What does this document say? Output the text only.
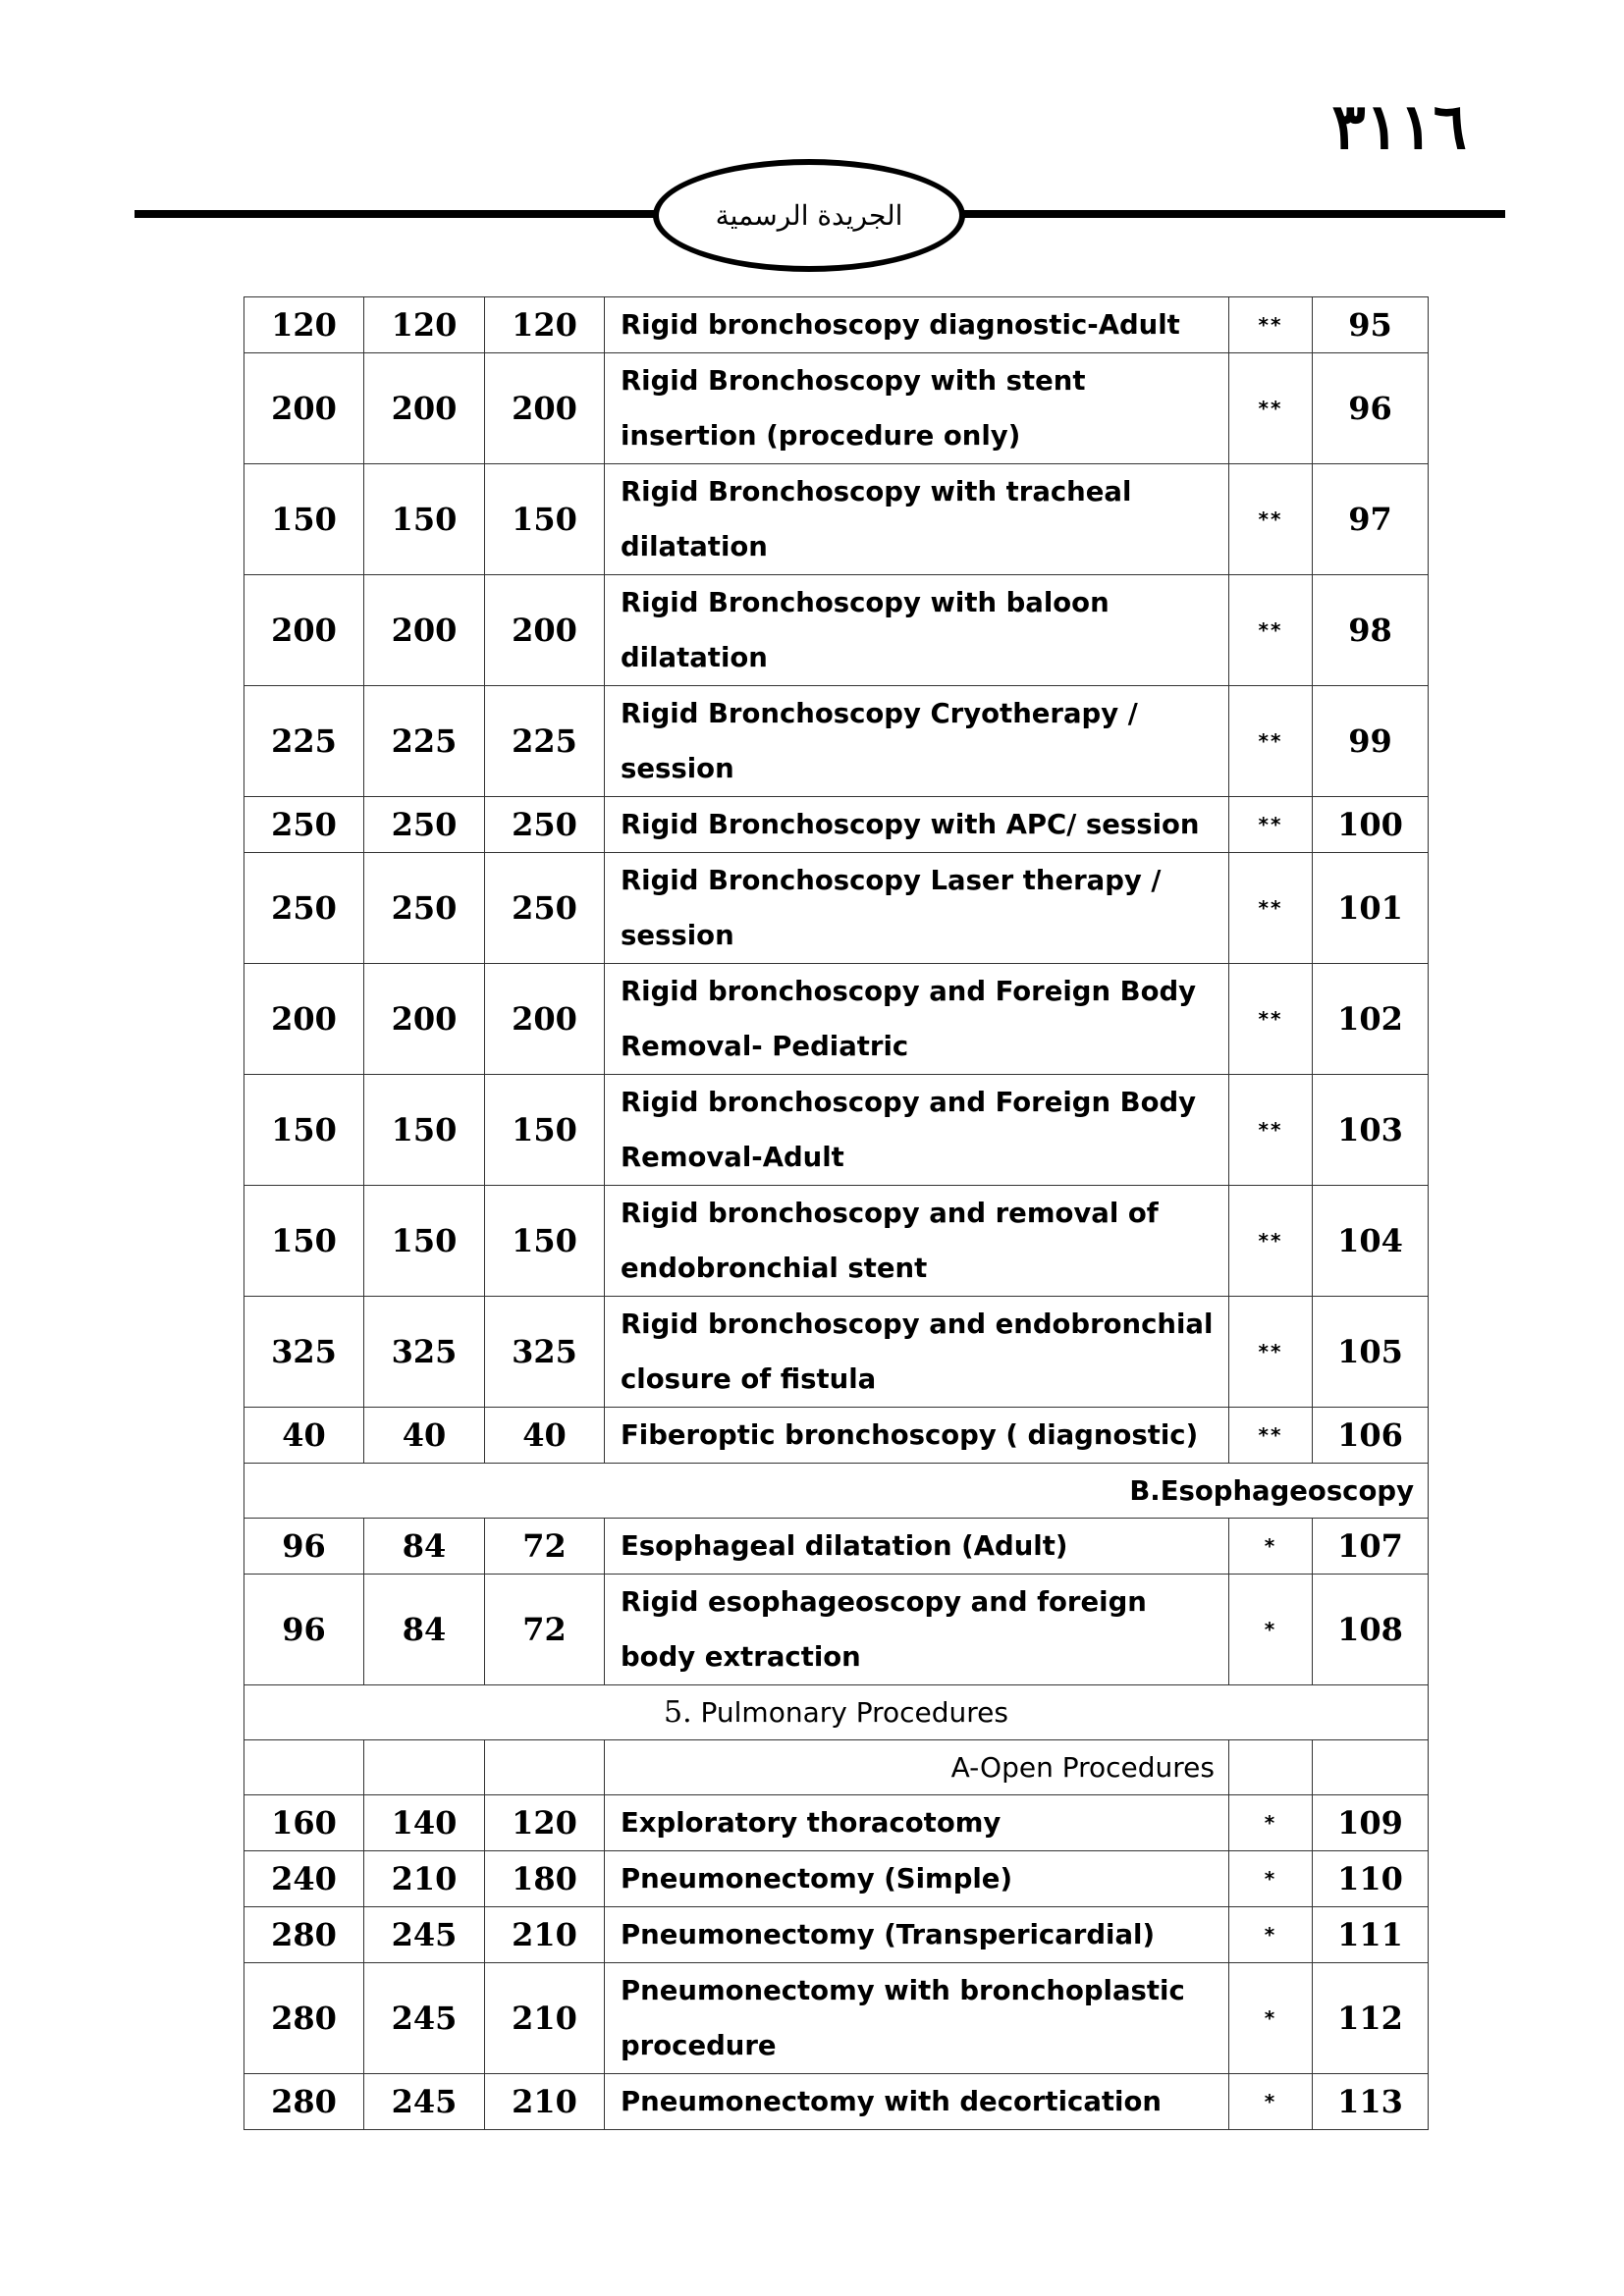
٣١١٦
الجريدة الرسمية
120	120	120	Rigid bronchoscopy diagnostic-Adult	**	95
200	200	200	Rigid Bronchoscopy with stent insertion (procedure only)	**	96
150	150	150	Rigid Bronchoscopy with tracheal dilatation	**	97
200	200	200	Rigid Bronchoscopy with baloon dilatation	**	98
225	225	225	Rigid Bronchoscopy Cryotherapy / session	**	99
250	250	250	Rigid Bronchoscopy with APC/ session	**	100
250	250	250	Rigid Bronchoscopy Laser therapy / session	**	101
200	200	200	Rigid bronchoscopy and Foreign Body Removal- Pediatric	**	102
150	150	150	Rigid bronchoscopy and Foreign Body Removal-Adult	**	103
150	150	150	Rigid bronchoscopy and removal of endobronchial stent	**	104
325	325	325	Rigid bronchoscopy and endobronchial closure of fistula	**	105
40	40	40	Fiberoptic bronchoscopy ( diagnostic)	**	106
B.Esophageoscopy					
96	84	72	Esophageal dilatation (Adult)	*	107
96	84	72	Rigid esophageoscopy and foreign body extraction	*	108
5. Pulmonary Procedures					
			A-Open Procedures		
160	140	120	Exploratory thoracotomy	*	109
240	210	180	Pneumonectomy (Simple)	*	110
280	245	210	Pneumonectomy (Transpericardial)	*	111
280	245	210	Pneumonectomy with bronchoplastic procedure	*	112
280	245	210	Pneumonectomy with decortication	*	113
